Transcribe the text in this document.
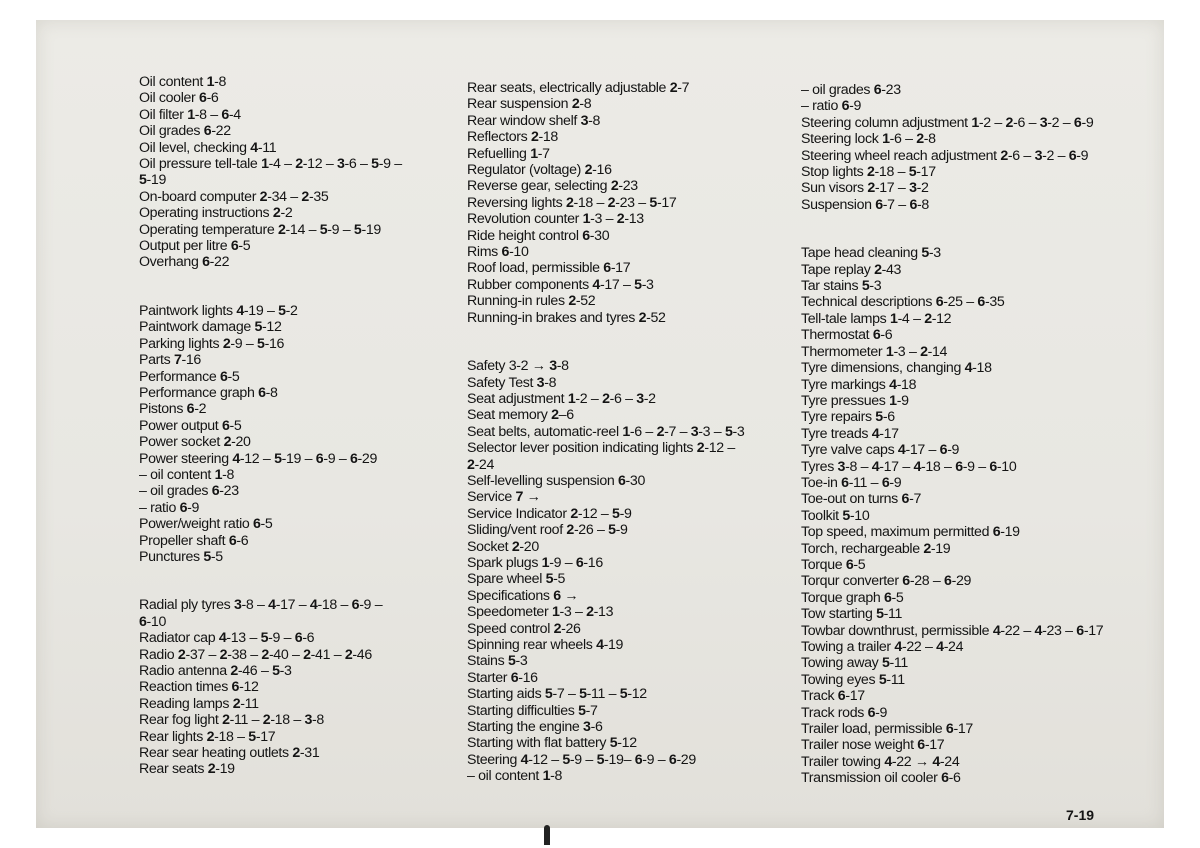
Oil content 1-8
Oil cooler 6-6
Oil filter 1-8 – 6-4
Oil grades 6-22
Oil level, checking 4-11
Oil pressure tell-tale 1-4 – 2-12 – 3-6 – 5-9 –
5-19
On-board computer 2-34 – 2-35
Operating instructions 2-2
Operating temperature 2-14 – 5-9 – 5-19
Output per litre 6-5
Overhang 6-22
Paintwork lights 4-19 – 5-2
Paintwork damage 5-12
Parking lights 2-9 – 5-16
Parts 7-16
Performance 6-5
Performance graph 6-8
Pistons 6-2
Power output 6-5
Power socket 2-20
Power steering 4-12 – 5-19 – 6-9 – 6-29
– oil content 1-8
– oil grades 6-23
– ratio 6-9
Power/weight ratio 6-5
Propeller shaft 6-6
Punctures 5-5
Radial ply tyres 3-8 – 4-17 – 4-18 – 6-9 –
6-10
Radiator cap 4-13 – 5-9 – 6-6
Radio 2-37 – 2-38 – 2-40 – 2-41 – 2-46
Radio antenna 2-46 – 5-3
Reaction times 6-12
Reading lamps 2-11
Rear fog light 2-11 – 2-18 – 3-8
Rear lights 2-18 – 5-17
Rear sear heating outlets 2-31
Rear seats 2-19
Rear seats, electrically adjustable 2-7
Rear suspension 2-8
Rear window shelf 3-8
Reflectors 2-18
Refuelling 1-7
Regulator (voltage) 2-16
Reverse gear, selecting 2-23
Reversing lights 2-18 – 2-23 – 5-17
Revolution counter 1-3 – 2-13
Ride height control 6-30
Rims 6-10
Roof load, permissible 6-17
Rubber components 4-17 – 5-3
Running-in rules 2-52
Running-in brakes and tyres 2-52
Safety 3-2 → 3-8
Safety Test 3-8
Seat adjustment 1-2 – 2-6 – 3-2
Seat memory 2–6
Seat belts, automatic-reel 1-6 – 2-7 – 3-3 – 5-3
Selector lever position indicating lights 2-12 –
2-24
Self-levelling suspension 6-30
Service 7 →
Service Indicator 2-12 – 5-9
Sliding/vent roof 2-26 – 5-9
Socket 2-20
Spark plugs 1-9 – 6-16
Spare wheel 5-5
Specifications 6 →
Speedometer 1-3 – 2-13
Speed control 2-26
Spinning rear wheels 4-19
Stains 5-3
Starter 6-16
Starting aids 5-7 – 5-11 – 5-12
Starting difficulties 5-7
Starting the engine 3-6
Starting with flat battery 5-12
Steering 4-12 – 5-9 – 5-19– 6-9 – 6-29
– oil content 1-8
– oil grades 6-23
– ratio 6-9
Steering column adjustment 1-2 – 2-6 – 3-2 – 6-9
Steering lock 1-6 – 2-8
Steering wheel reach adjustment 2-6 – 3-2 – 6-9
Stop lights 2-18 – 5-17
Sun visors 2-17 – 3-2
Suspension 6-7 – 6-8
Tape head cleaning 5-3
Tape replay 2-43
Tar stains 5-3
Technical descriptions 6-25 – 6-35
Tell-tale lamps 1-4 – 2-12
Thermostat 6-6
Thermometer 1-3 – 2-14
Tyre dimensions, changing 4-18
Tyre markings 4-18
Tyre pressues 1-9
Tyre repairs 5-6
Tyre treads 4-17
Tyre valve caps 4-17 – 6-9
Tyres 3-8 – 4-17 – 4-18 – 6-9 – 6-10
Toe-in 6-11 – 6-9
Toe-out on turns 6-7
Toolkit 5-10
Top speed, maximum permitted 6-19
Torch, rechargeable 2-19
Torque 6-5
Torqur converter 6-28 – 6-29
Torque graph 6-5
Tow starting 5-11
Towbar downthrust, permissible 4-22 – 4-23 – 6-17
Towing a trailer 4-22 – 4-24
Towing away 5-11
Towing eyes 5-11
Track 6-17
Track rods 6-9
Trailer load, permissible 6-17
Trailer nose weight 6-17
Trailer towing 4-22 → 4-24
Transmission oil cooler 6-6
7-19
